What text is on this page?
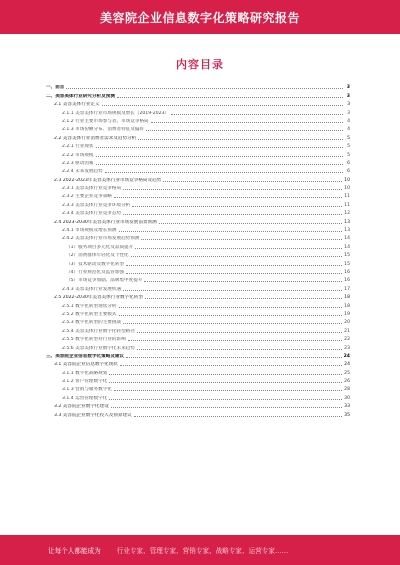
美容院企业信息数字化策略研究报告
内容目录
一、前言	3
二、美容美体行业研究分析及预测	3
2.1 美容美体行业定义	3
2.1.1 美容美体行业市场规模及增长（2019-2023）	3
2.1.2 行业主要市场参与者、市场竞争格局	4
2.1.3 市场份额分布、消费者特征及偏好	4
2.2 美容美体行业消费者需求及趋势分析	5
2.2.1 行业现状	5
2.2.2 市场规模	5
2.2.3 驱动因素	6
2.2.4 未来发展趋势	6
2.3 2022-2023年美容美体行业市场竞争格局及趋势	10
2.3.1 美容美体行业竞争格局	10
2.3.2 主要企业竞争策略	11
2.3.3 美容美体行业竞争环境分析	11
2.3.4 美容美体行业竞争态势	12
2.4 2023-2030年美容美体行业市场发展前景预测	13
2.4.1 市场规模及增长预测	13
2.4.2 美容美体行业市场发展趋势预测	14
（1）服务项目多元化及品质提升	14
（2）消费群体年轻化及个性化	15
（3）技术驱动及数字化转型	15
（4）行业规范化及监管加强	16
（5）市场竞争加剧、品牌集中度提升	16
2.4.3 美容美体行业发展机遇	17
2.5 2022-2030年美容美体行业数字化转型	18
2.5.1 数字化转型现状分析	18
2.5.2 数字化转型主要模式	19
2.5.3 数字化转型的主要挑战	20
2.5.4 美容美体行业数字化转型路径	21
2.5.5 数字化转型对行业的影响	22
2.5.6 美容美体行业数字化未来趋势	23
三、美容院企业信息数字化策略及建议	24
3.1 美容院企业信息数字化现状	24
3.1.1 数字化战略规划	25
3.1.2 客户管理数字化	26
3.1.3 营销与服务数字化	28
3.1.4 运营管理数字化	30
3.2 美容院企业数字化建设	33
3.3 美容院企业数字化投入及预算建议	35
让每个人都能成为 行业专家、管理专家、营销专家、战略专家、运营专家……
